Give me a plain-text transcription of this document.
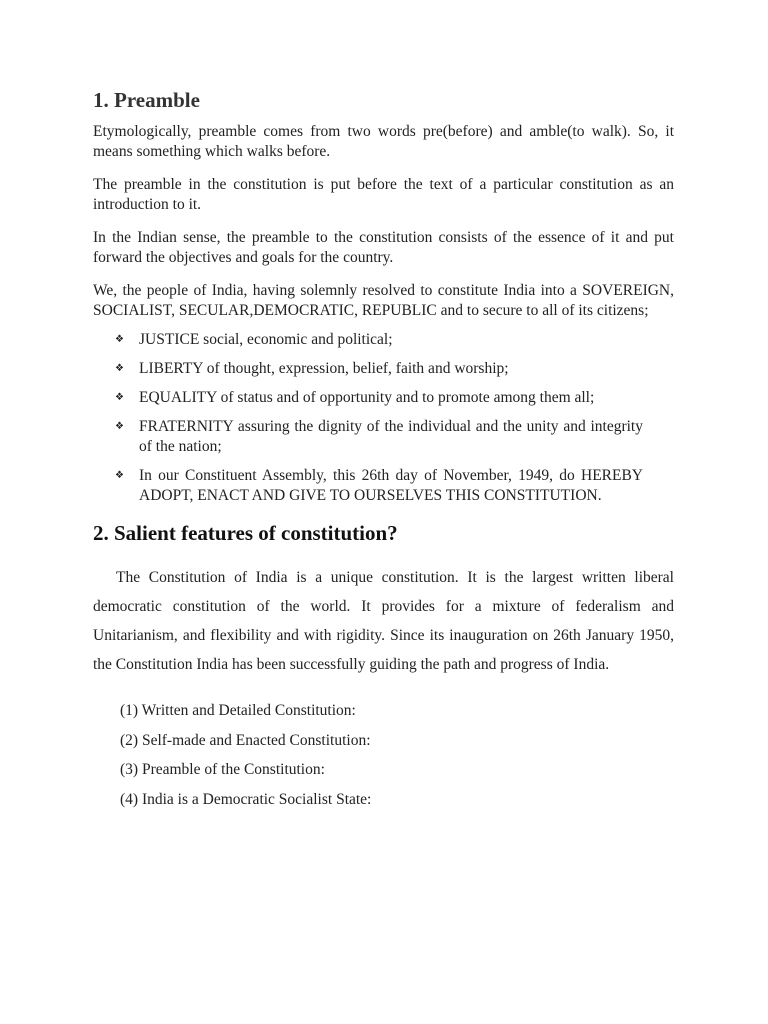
1. Preamble

Etymologically, preamble comes from two words pre(before) and amble(to walk). So, it means something which walks before.

The preamble in the constitution is put before the text of a particular constitution as an introduction to it.

In the Indian sense, the preamble to the constitution consists of the essence of it and put forward the objectives and goals for the country.

We, the people of India, having solemnly resolved to constitute India into a SOVEREIGN, SOCIALIST, SECULAR,DEMOCRATIC, REPUBLIC and to secure to all of its citizens;

❖ JUSTICE social, economic and political;
❖ LIBERTY of thought, expression, belief, faith and worship;
❖ EQUALITY of status and of opportunity and to promote among them all;
❖ FRATERNITY assuring the dignity of the individual and the unity and integrity of the nation;
❖ In our Constituent Assembly, this 26th day of November, 1949, do HEREBY ADOPT, ENACT AND GIVE TO OURSELVES THIS CONSTITUTION.
2. Salient features of constitution?

The Constitution of India is a unique constitution. It is the largest written liberal democratic constitution of the world. It provides for a mixture of federalism and Unitarianism, and flexibility and with rigidity. Since its inauguration on 26th January 1950, the Constitution India has been successfully guiding the path and progress of India.

(1) Written and Detailed Constitution:
(2) Self-made and Enacted Constitution:
(3) Preamble of the Constitution:
(4) India is a Democratic Socialist State:
